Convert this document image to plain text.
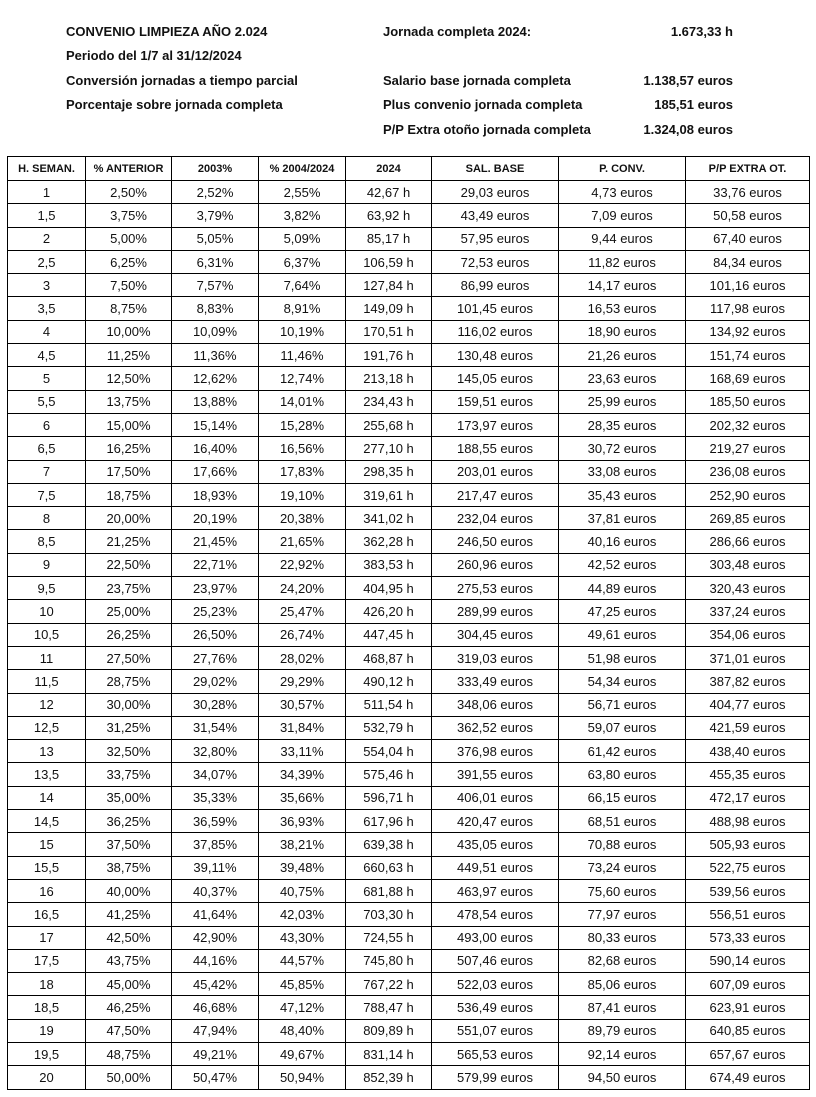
CONVENIO LIMPIEZA AÑO 2.024
Periodo del 1/7 al 31/12/2024
Conversión jornadas a tiempo parcial
Porcentaje sobre jornada completa
Jornada completa 2024:	1.673,33 h
Salario base jornada completa	1.138,57 euros
Plus convenio jornada completa	185,51 euros
P/P Extra otoño jornada completa	1.324,08 euros
H. SEMAN.	% ANTERIOR	2003%	% 2004/2024	2024	SAL. BASE	P. CONV.	P/P EXTRA OT.
1	2,50%	2,52%	2,55%	42,67 h	29,03 euros	4,73 euros	33,76 euros
1,5	3,75%	3,79%	3,82%	63,92 h	43,49 euros	7,09 euros	50,58 euros
2	5,00%	5,05%	5,09%	85,17 h	57,95 euros	9,44 euros	67,40 euros
2,5	6,25%	6,31%	6,37%	106,59 h	72,53 euros	11,82 euros	84,34 euros
3	7,50%	7,57%	7,64%	127,84 h	86,99 euros	14,17 euros	101,16 euros
3,5	8,75%	8,83%	8,91%	149,09 h	101,45 euros	16,53 euros	117,98 euros
4	10,00%	10,09%	10,19%	170,51 h	116,02 euros	18,90 euros	134,92 euros
4,5	11,25%	11,36%	11,46%	191,76 h	130,48 euros	21,26 euros	151,74 euros
5	12,50%	12,62%	12,74%	213,18 h	145,05 euros	23,63 euros	168,69 euros
5,5	13,75%	13,88%	14,01%	234,43 h	159,51 euros	25,99 euros	185,50 euros
6	15,00%	15,14%	15,28%	255,68 h	173,97 euros	28,35 euros	202,32 euros
6,5	16,25%	16,40%	16,56%	277,10 h	188,55 euros	30,72 euros	219,27 euros
7	17,50%	17,66%	17,83%	298,35 h	203,01 euros	33,08 euros	236,08 euros
7,5	18,75%	18,93%	19,10%	319,61 h	217,47 euros	35,43 euros	252,90 euros
8	20,00%	20,19%	20,38%	341,02 h	232,04 euros	37,81 euros	269,85 euros
8,5	21,25%	21,45%	21,65%	362,28 h	246,50 euros	40,16 euros	286,66 euros
9	22,50%	22,71%	22,92%	383,53 h	260,96 euros	42,52 euros	303,48 euros
9,5	23,75%	23,97%	24,20%	404,95 h	275,53 euros	44,89 euros	320,43 euros
10	25,00%	25,23%	25,47%	426,20 h	289,99 euros	47,25 euros	337,24 euros
10,5	26,25%	26,50%	26,74%	447,45 h	304,45 euros	49,61 euros	354,06 euros
11	27,50%	27,76%	28,02%	468,87 h	319,03 euros	51,98 euros	371,01 euros
11,5	28,75%	29,02%	29,29%	490,12 h	333,49 euros	54,34 euros	387,82 euros
12	30,00%	30,28%	30,57%	511,54 h	348,06 euros	56,71 euros	404,77 euros
12,5	31,25%	31,54%	31,84%	532,79 h	362,52 euros	59,07 euros	421,59 euros
13	32,50%	32,80%	33,11%	554,04 h	376,98 euros	61,42 euros	438,40 euros
13,5	33,75%	34,07%	34,39%	575,46 h	391,55 euros	63,80 euros	455,35 euros
14	35,00%	35,33%	35,66%	596,71 h	406,01 euros	66,15 euros	472,17 euros
14,5	36,25%	36,59%	36,93%	617,96 h	420,47 euros	68,51 euros	488,98 euros
15	37,50%	37,85%	38,21%	639,38 h	435,05 euros	70,88 euros	505,93 euros
15,5	38,75%	39,11%	39,48%	660,63 h	449,51 euros	73,24 euros	522,75 euros
16	40,00%	40,37%	40,75%	681,88 h	463,97 euros	75,60 euros	539,56 euros
16,5	41,25%	41,64%	42,03%	703,30 h	478,54 euros	77,97 euros	556,51 euros
17	42,50%	42,90%	43,30%	724,55 h	493,00 euros	80,33 euros	573,33 euros
17,5	43,75%	44,16%	44,57%	745,80 h	507,46 euros	82,68 euros	590,14 euros
18	45,00%	45,42%	45,85%	767,22 h	522,03 euros	85,06 euros	607,09 euros
18,5	46,25%	46,68%	47,12%	788,47 h	536,49 euros	87,41 euros	623,91 euros
19	47,50%	47,94%	48,40%	809,89 h	551,07 euros	89,79 euros	640,85 euros
19,5	48,75%	49,21%	49,67%	831,14 h	565,53 euros	92,14 euros	657,67 euros
20	50,00%	50,47%	50,94%	852,39 h	579,99 euros	94,50 euros	674,49 euros
